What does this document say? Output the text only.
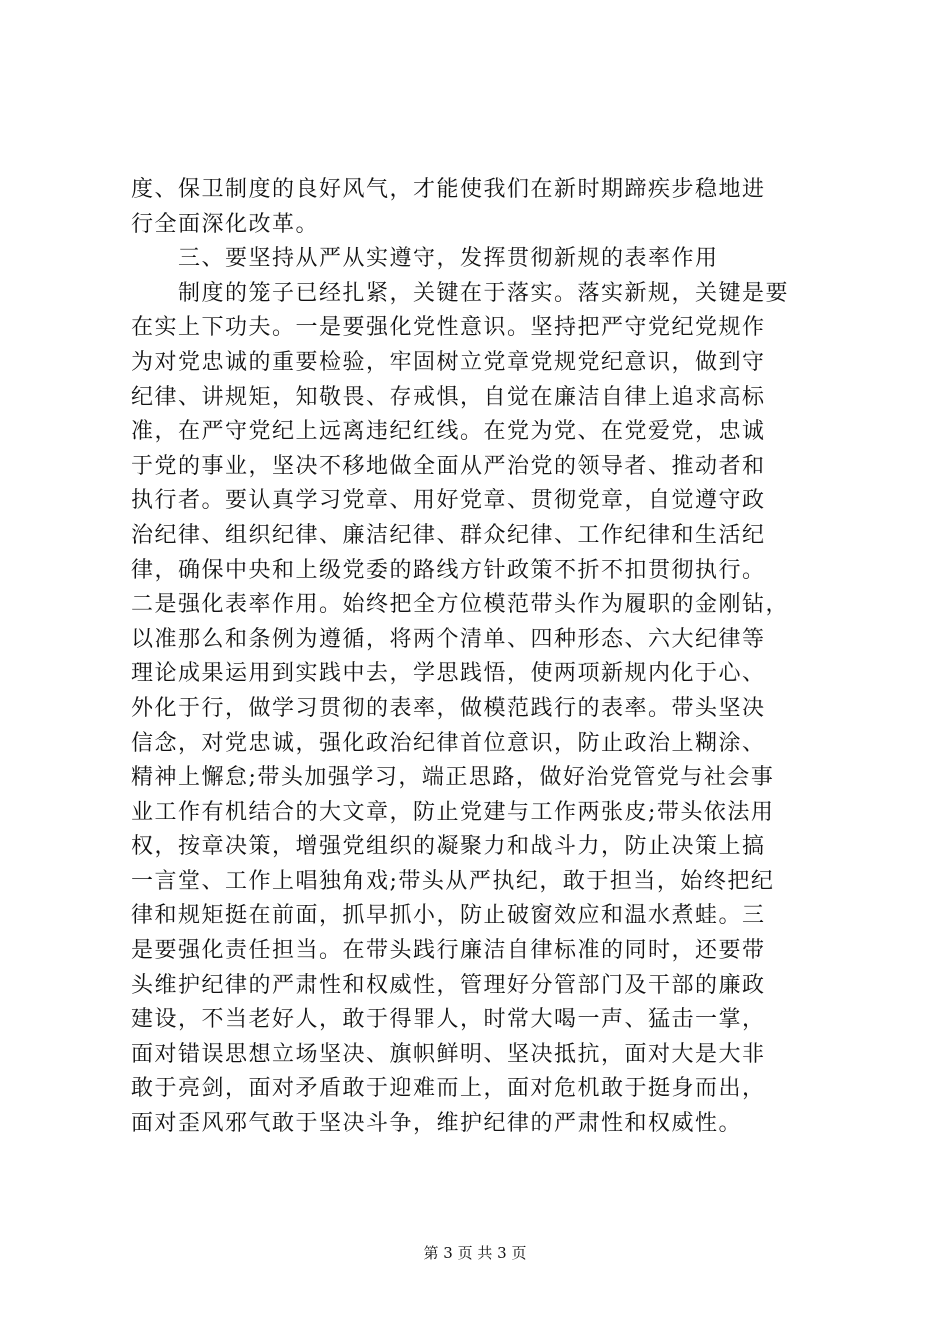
度、保卫制度的良好风气，才能使我们在新时期蹄疾步稳地进
行全面深化改革。
　　三、要坚持从严从实遵守，发挥贯彻新规的表率作用
　　制度的笼子已经扎紧，关键在于落实。落实新规，关键是要
在实上下功夫。一是要强化党性意识。坚持把严守党纪党规作
为对党忠诚的重要检验，牢固树立党章党规党纪意识，做到守
纪律、讲规矩，知敬畏、存戒惧，自觉在廉洁自律上追求高标
准，在严守党纪上远离违纪红线。在党为党、在党爱党，忠诚
于党的事业，坚决不移地做全面从严治党的领导者、推动者和
执行者。要认真学习党章、用好党章、贯彻党章，自觉遵守政
治纪律、组织纪律、廉洁纪律、群众纪律、工作纪律和生活纪
律，确保中央和上级党委的路线方针政策不折不扣贯彻执行。
二是强化表率作用。始终把全方位模范带头作为履职的金刚钻，
以准那么和条例为遵循，将两个清单、四种形态、六大纪律等
理论成果运用到实践中去，学思践悟，使两项新规内化于心、
外化于行，做学习贯彻的表率，做模范践行的表率。带头坚决
信念，对党忠诚，强化政治纪律首位意识，防止政治上糊涂、
精神上懈怠;带头加强学习，端正思路，做好治党管党与社会事
业工作有机结合的大文章，防止党建与工作两张皮;带头依法用
权，按章决策，增强党组织的凝聚力和战斗力，防止决策上搞
一言堂、工作上唱独角戏;带头从严执纪，敢于担当，始终把纪
律和规矩挺在前面，抓早抓小，防止破窗效应和温水煮蛙。三
是要强化责任担当。在带头践行廉洁自律标准的同时，还要带
头维护纪律的严肃性和权威性，管理好分管部门及干部的廉政
建设，不当老好人，敢于得罪人，时常大喝一声、猛击一掌，
面对错误思想立场坚决、旗帜鲜明、坚决抵抗，面对大是大非
敢于亮剑，面对矛盾敢于迎难而上，面对危机敢于挺身而出，
面对歪风邪气敢于坚决斗争，维护纪律的严肃性和权威性。
第 3 页 共 3 页
